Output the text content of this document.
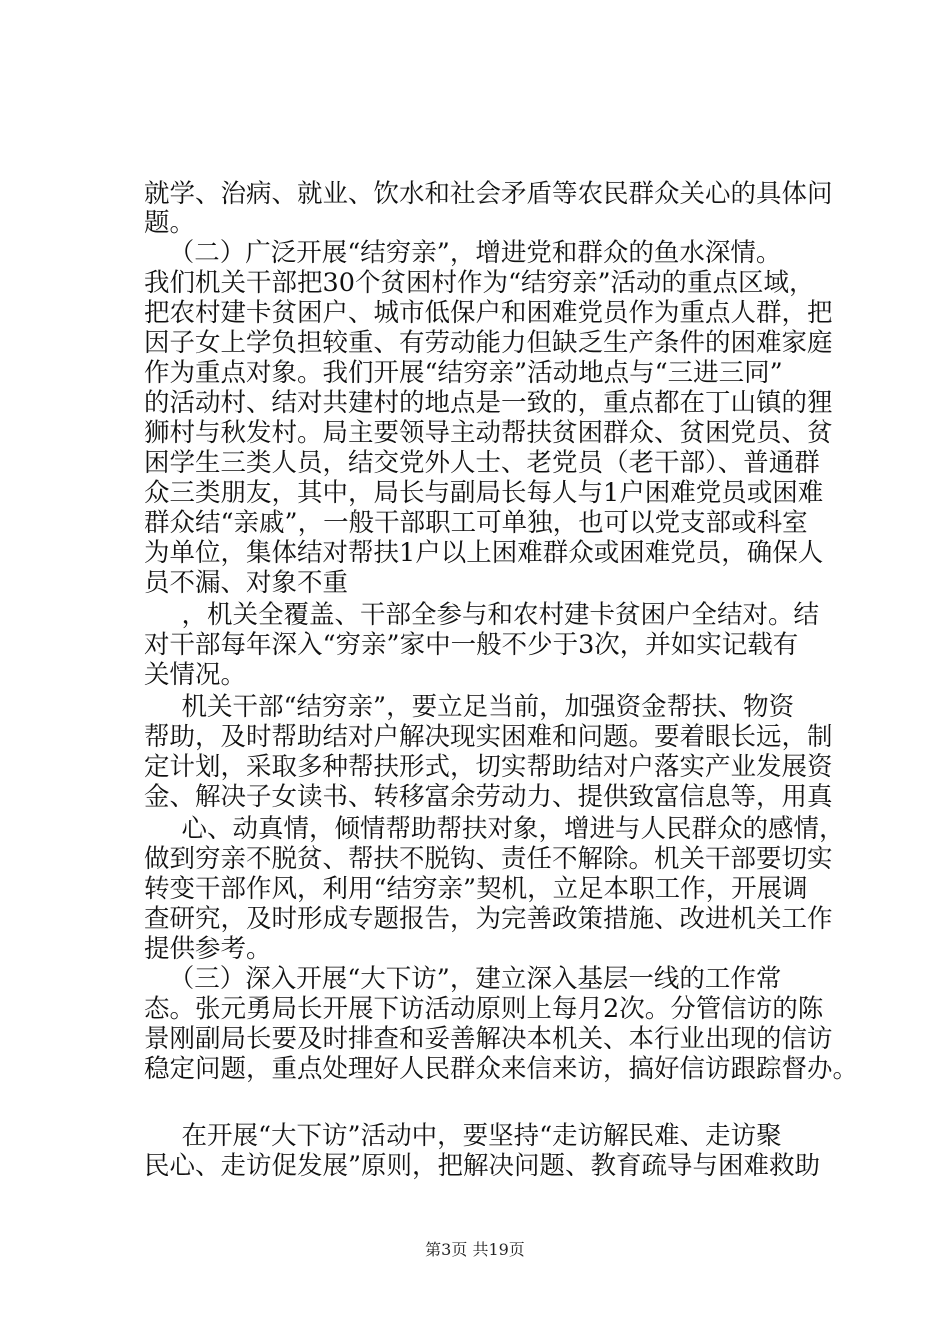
就学、治病、就业、饮水和社会矛盾等农民群众关心的具体问
题。
　（二）广泛开展“结穷亲”，增进党和群众的鱼水深情。
我们机关干部把30个贫困村作为“结穷亲”活动的重点区域，
把农村建卡贫困户、城市低保户和困难党员作为重点人群，把
因子女上学负担较重、有劳动能力但缺乏生产条件的困难家庭
作为重点对象。我们开展“结穷亲”活动地点与“三进三同”
的活动村、结对共建村的地点是一致的，重点都在丁山镇的狸
狮村与秋发村。局主要领导主动帮扶贫困群众、贫困党员、贫
困学生三类人员，结交党外人士、老党员（老干部）、普通群
众三类朋友，其中，局长与副局长每人与1户困难党员或困难
群众结“亲戚”，一般干部职工可单独，也可以党支部或科室
为单位，集体结对帮扶1户以上困难群众或困难党员，确保人
员不漏、对象不重
　，机关全覆盖、干部全参与和农村建卡贫困户全结对。结
对干部每年深入“穷亲”家中一般不少于3次，并如实记载有
关情况。
　机关干部“结穷亲”，要立足当前，加强资金帮扶、物资
帮助，及时帮助结对户解决现实困难和问题。要着眼长远，制
定计划，采取多种帮扶形式，切实帮助结对户落实产业发展资
金、解决子女读书、转移富余劳动力、提供致富信息等，用真
　心、动真情，倾情帮助帮扶对象，增进与人民群众的感情，
做到穷亲不脱贫、帮扶不脱钩、责任不解除。机关干部要切实
转变干部作风，利用“结穷亲”契机，立足本职工作，开展调
查研究，及时形成专题报告，为完善政策措施、改进机关工作
提供参考。
　（三）深入开展“大下访”，建立深入基层一线的工作常
态。张元勇局长开展下访活动原则上每月2次。分管信访的陈
景刚副局长要及时排查和妥善解决本机关、本行业出现的信访
稳定问题，重点处理好人民群众来信来访，搞好信访跟踪督办。
　在开展“大下访”活动中，要坚持“走访解民难、走访聚
民心、走访促发展”原则，把解决问题、教育疏导与困难救助
第3页 共19页
